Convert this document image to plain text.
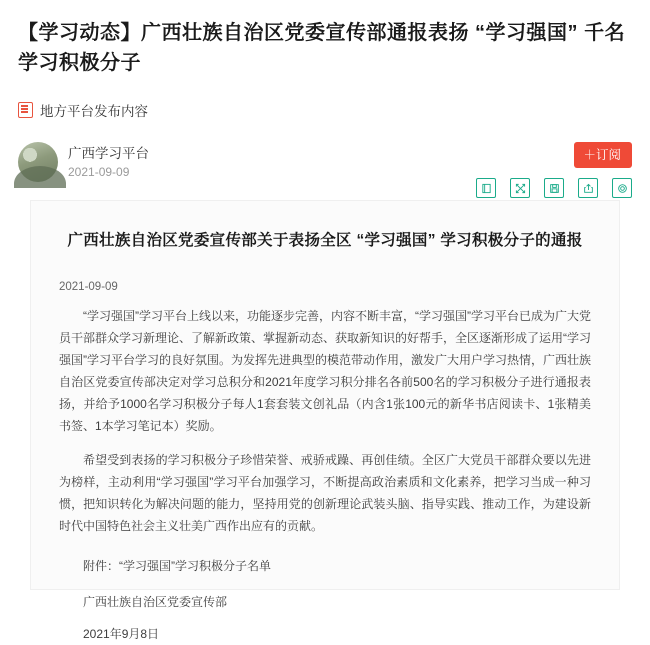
【学习动态】广西壮族自治区党委宣传部通报表扬 “学习强国” 千名学习积极分子
地方平台发布内容
广西学习平台
2021-09-09
＋订阅
广西壮族自治区党委宣传部关于表扬全区 “学习强国” 学习积极分子的通报
2021-09-09

“学习强国”学习平台上线以来，功能逐步完善，内容不断丰富，“学习强国”学习平台已成为广大党员干部群众学习新理论、了解新政策、掌握新动态、获取新知识的好帮手，全区逐渐形成了运用“学习强国”学习平台学习的良好氛围。为发挥先进典型的模范带动作用，激发广大用户学习热情，广西壮族自治区党委宣传部决定对学习总积分和2021年度学习积分排名各前500名的学习积极分子进行通报表扬，并给予1000名学习积极分子每人1套套装文创礼品（内含1张100元的新华书店阅读卡、1张精美书签、1本学习笔记本）奖励。

希望受到表扬的学习积极分子珍惜荣誉、戒骄戒躁、再创佳绩。全区广大党员干部群众要以先进为榜样，主动利用“学习强国”学习平台加强学习，不断提高政治素质和文化素养，把学习当成一种习惯，把知识转化为解决问题的能力，坚持用党的创新理论武装头脑、指导实践、推动工作，为建设新时代中国特色社会主义壮美广西作出应有的贡献。

附件：“学习强国”学习积极分子名单
广西壮族自治区党委宣传部
2021年9月8日
